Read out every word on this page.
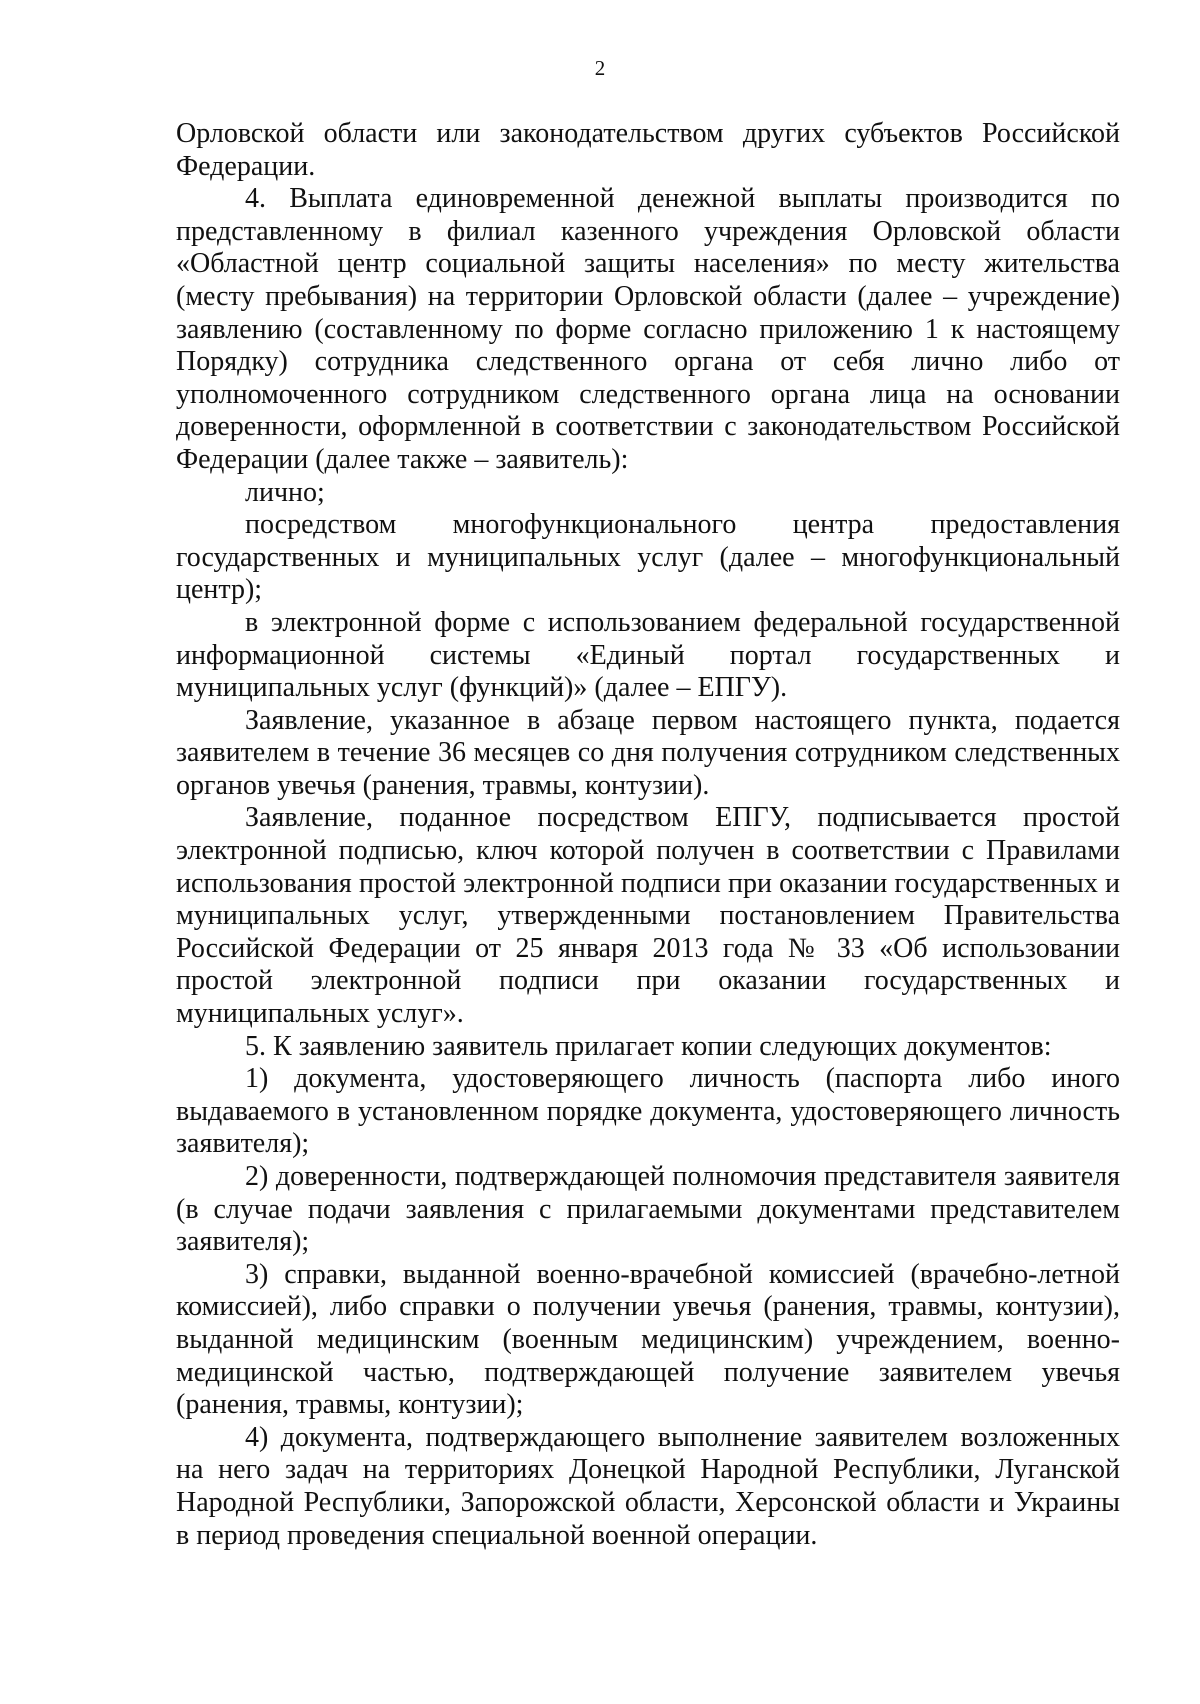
2

Орловской области или законодательством других субъектов Российской Федерации.

4. Выплата единовременной денежной выплаты производится по представленному в филиал казенного учреждения Орловской области «Областной центр социальной защиты населения» по месту жительства (месту пребывания) на территории Орловской области (далее – учреждение) заявлению (составленному по форме согласно приложению 1 к настоящему Порядку) сотрудника следственного органа от себя лично либо от уполномоченного сотрудником следственного органа лица на основании доверенности, оформленной в соответствии с законодательством Российской Федерации (далее также – заявитель):

лично;

посредством многофункционального центра предоставления государственных и муниципальных услуг (далее – многофункциональный центр);

в электронной форме с использованием федеральной государственной информационной системы «Единый портал государственных и муниципальных услуг (функций)» (далее – ЕПГУ).

Заявление, указанное в абзаце первом настоящего пункта, подается заявителем в течение 36 месяцев со дня получения сотрудником следственных органов увечья (ранения, травмы, контузии).

Заявление, поданное посредством ЕПГУ, подписывается простой электронной подписью, ключ которой получен в соответствии с Правилами использования простой электронной подписи при оказании государственных и муниципальных услуг, утвержденными постановлением Правительства Российской Федерации от 25 января 2013 года № 33 «Об использовании простой электронной подписи при оказании государственных и муниципальных услуг».

5. К заявлению заявитель прилагает копии следующих документов:

1) документа, удостоверяющего личность (паспорта либо иного выдаваемого в установленном порядке документа, удостоверяющего личность заявителя);

2) доверенности, подтверждающей полномочия представителя заявителя (в случае подачи заявления с прилагаемыми документами представителем заявителя);

3) справки, выданной военно-врачебной комиссией (врачебно-летной комиссией), либо справки о получении увечья (ранения, травмы, контузии), выданной медицинским (военным медицинским) учреждением, военно-медицинской частью, подтверждающей получение заявителем увечья (ранения, травмы, контузии);

4) документа, подтверждающего выполнение заявителем возложенных на него задач на территориях Донецкой Народной Республики, Луганской Народной Республики, Запорожской области, Херсонской области и Украины в период проведения специальной военной операции.
